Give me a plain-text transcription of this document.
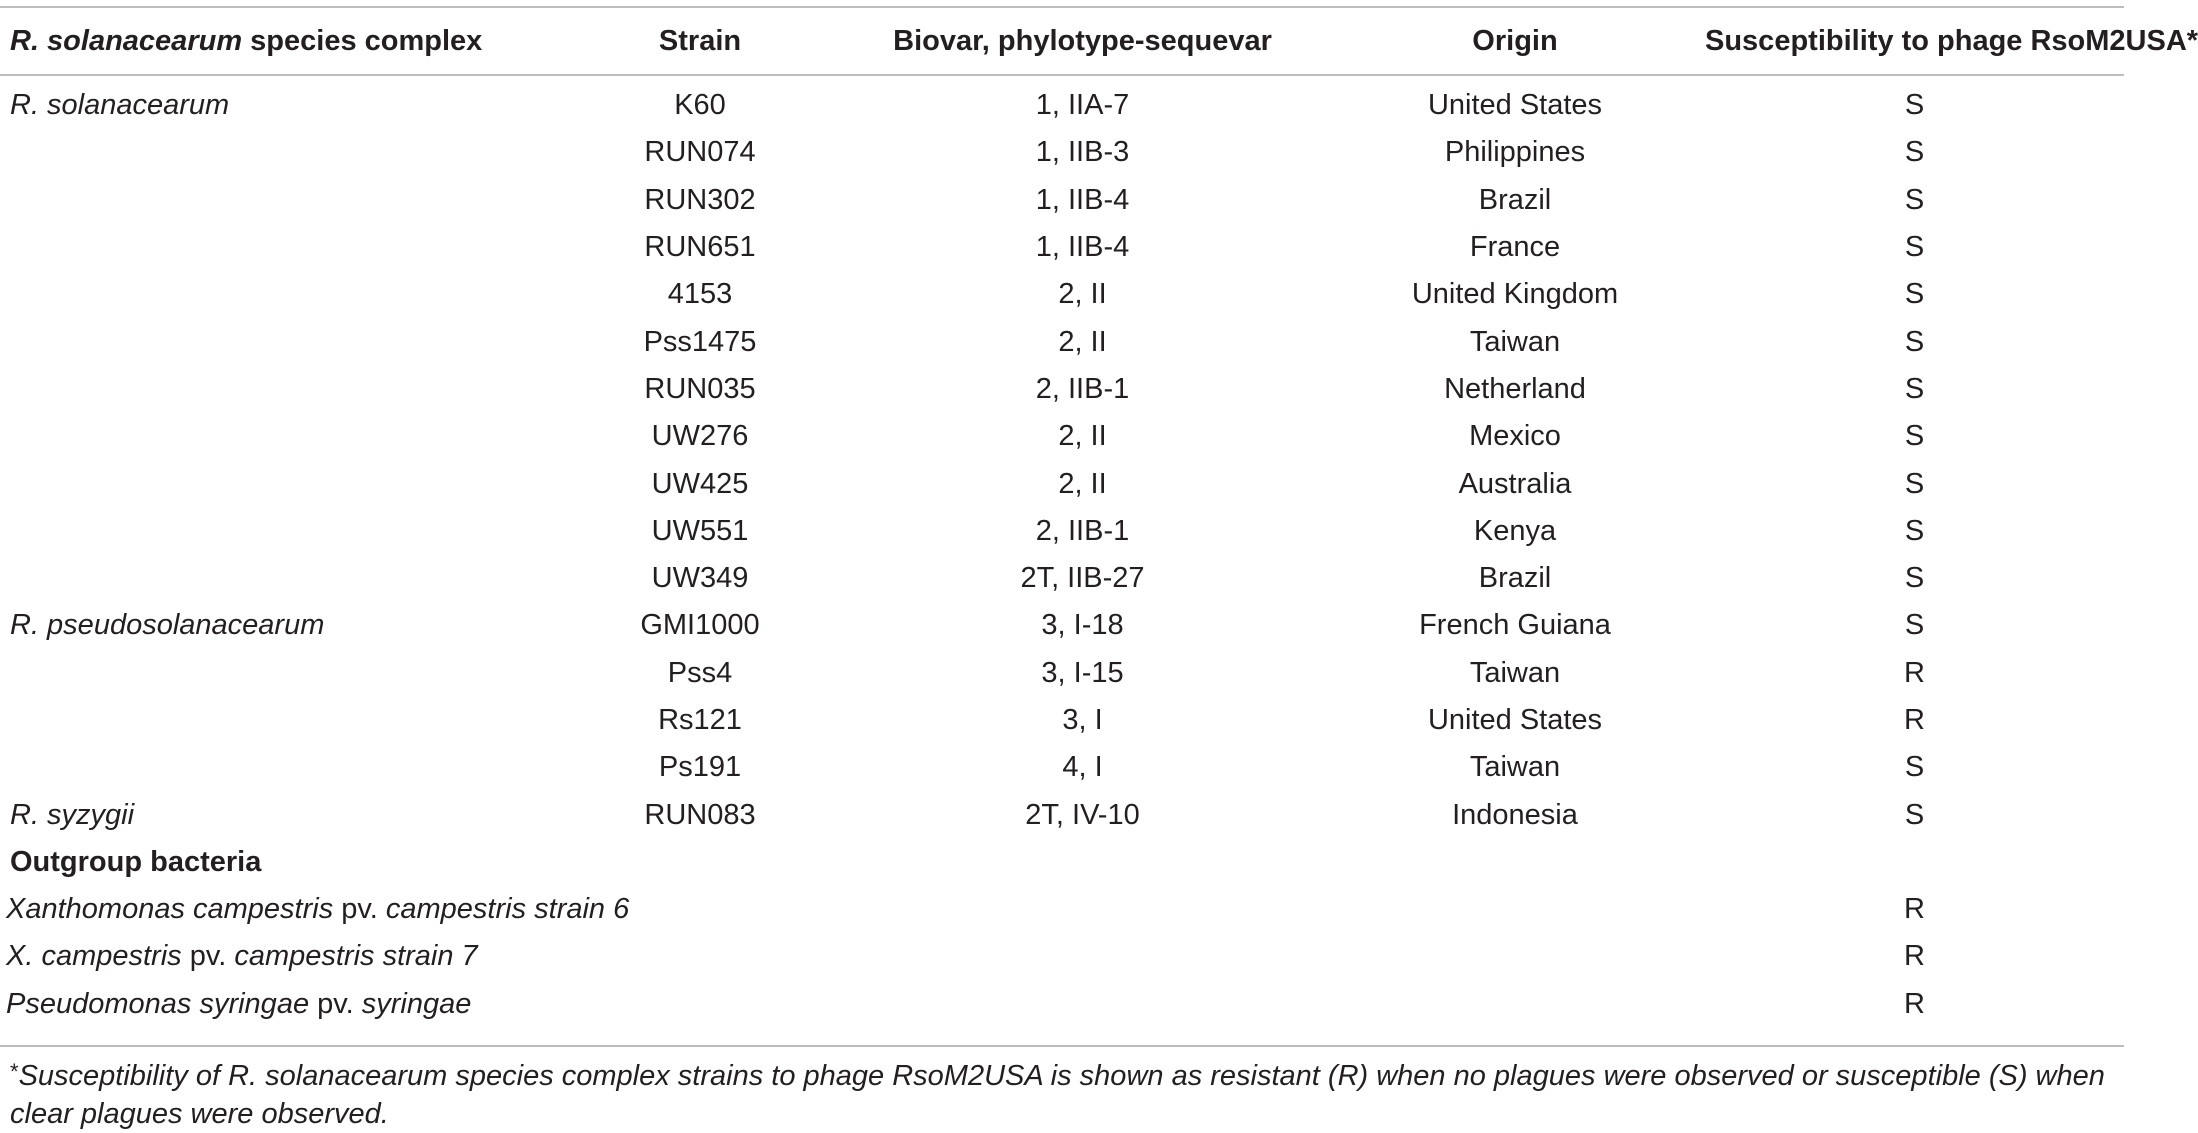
R. solanacearum species complex	Strain	Biovar, phylotype-sequevar	Origin	Susceptibility to phage RsoM2USA*
R. solanacearum	K60	1, IIA-7	United States	S
	RUN074	1, IIB-3	Philippines	S
	RUN302	1, IIB-4	Brazil	S
	RUN651	1, IIB-4	France	S
	4153	2, II	United Kingdom	S
	Pss1475	2, II	Taiwan	S
	RUN035	2, IIB-1	Netherland	S
	UW276	2, II	Mexico	S
	UW425	2, II	Australia	S
	UW551	2, IIB-1	Kenya	S
	UW349	2T, IIB-27	Brazil	S
R. pseudosolanacearum	GMI1000	3, I-18	French Guiana	S
	Pss4	3, I-15	Taiwan	R
	Rs121	3, I	United States	R
	Ps191	4, I	Taiwan	S
R. syzygii	RUN083	2T, IV-10	Indonesia	S
Outgroup bacteria				
Xanthomonas campestris pv. campestris strain 6				R
X. campestris pv. campestris strain 7				R
Pseudomonas syringae pv. syringae				R
*Susceptibility of R. solanacearum species complex strains to phage RsoM2USA is shown as resistant (R) when no plagues were observed or susceptible (S) when clear plagues were observed.
